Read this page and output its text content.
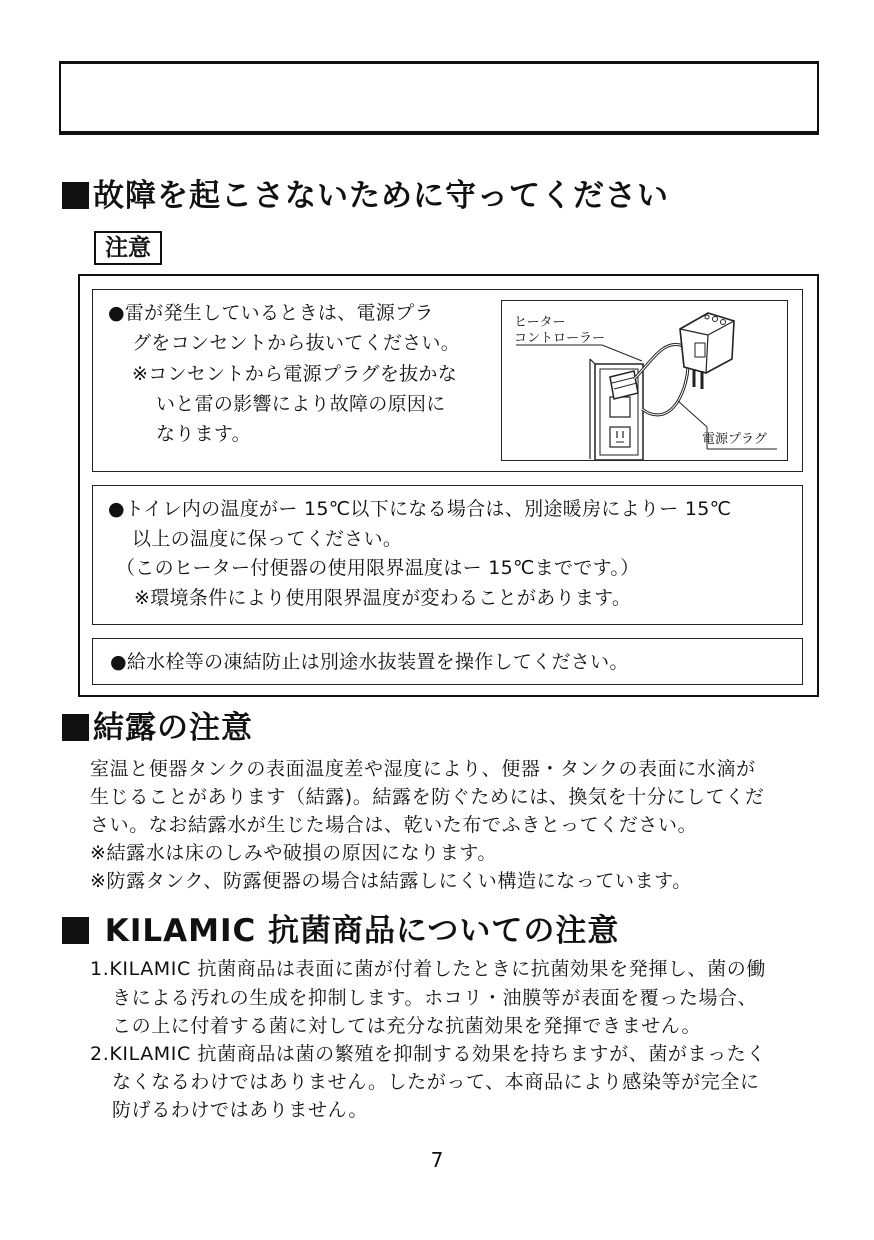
故障を起こさないために守ってください
注意
●雷が発生しているときは、電源プラ
グをコンセントから抜いてください。
※コンセントから電源プラグを抜かな
いと雷の影響により故障の原因に
なります。
ヒーター
コントローラー
電源プラグ
●トイレ内の温度がー 15℃以下になる場合は、別途暖房によりー 15℃
以上の温度に保ってください。
（このヒーター付便器の使用限界温度はー 15℃までです。）
※環境条件により使用限界温度が変わることがあります。
●給水栓等の凍結防止は別途水抜装置を操作してください。
結露の注意
室温と便器タンクの表面温度差や湿度により、便器・タンクの表面に水滴が
生じることがあります（結露)。結露を防ぐためには、換気を十分にしてくだ
さい。なお結露水が生じた場合は、乾いた布でふきとってください。
※結露水は床のしみや破損の原因になります。
※防露タンク、防露便器の場合は結露しにくい構造になっています。
KILAMIC 抗菌商品についての注意
1.KILAMIC 抗菌商品は表面に菌が付着したときに抗菌効果を発揮し、菌の働
きによる汚れの生成を抑制します。ホコリ・油膜等が表面を覆った場合、
この上に付着する菌に対しては充分な抗菌効果を発揮できません。
2.KILAMIC 抗菌商品は菌の繁殖を抑制する効果を持ちますが、菌がまったく
なくなるわけではありません。したがって、本商品により感染等が完全に
防げるわけではありません。
7
